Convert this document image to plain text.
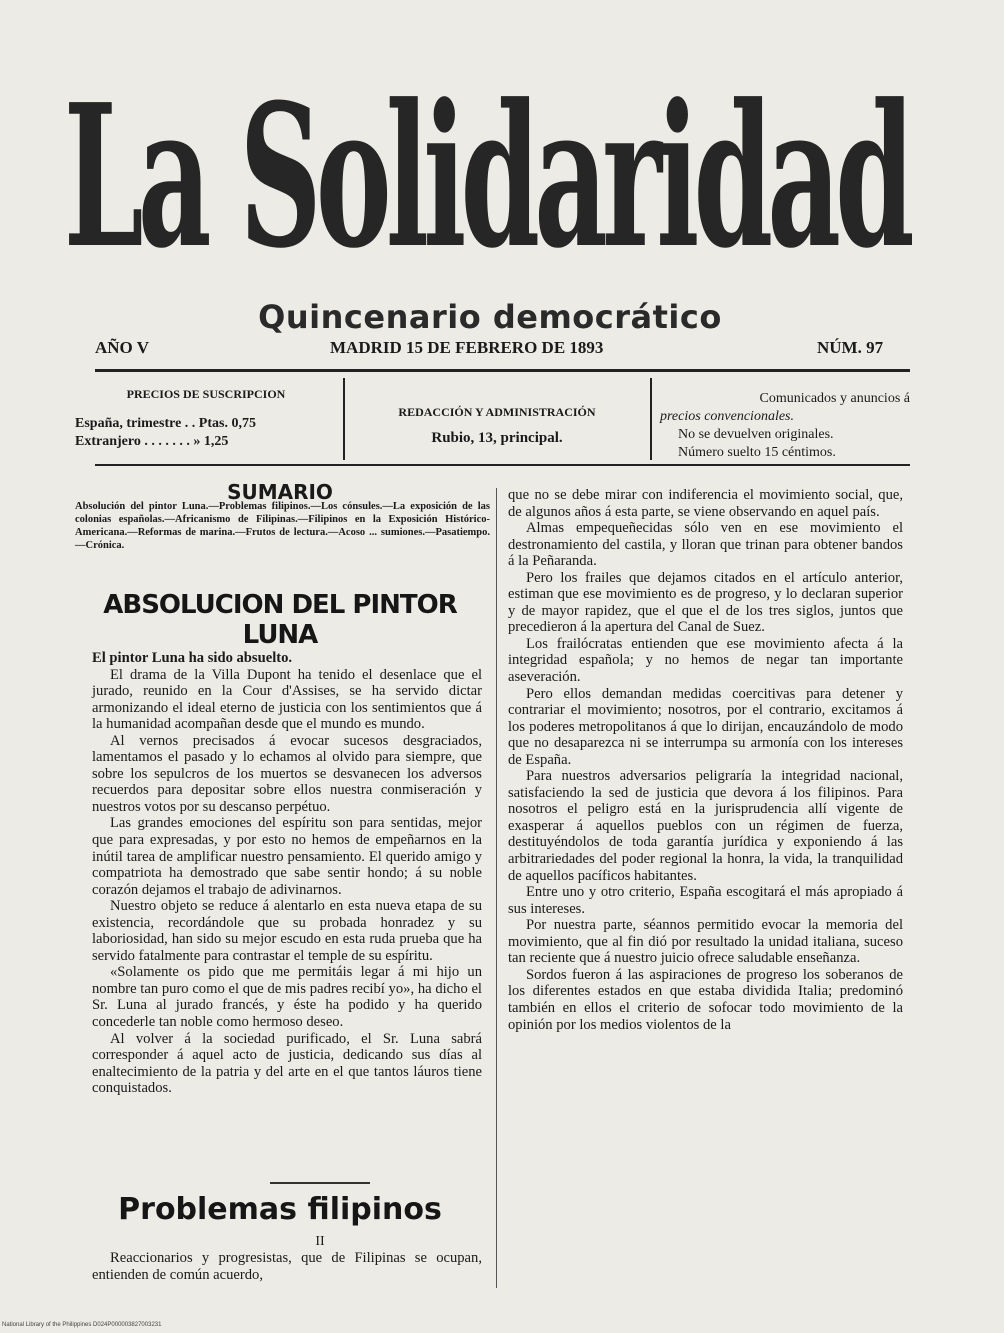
La Solidaridad
Quincenario democrático
AÑO V	MADRID 15 DE FEBRERO DE 1893	NÚM. 97
PRECIOS DE SUSCRIPCION
España, trimestre . . Ptas. 0,75
Extranjero . . . . . . . » 1,25
REDACCIÓN Y ADMINISTRACIÓN
Rubio, 13, principal.
Comunicados y anuncios á
precios convencionales.
No se devuelven originales.
Número suelto 15 céntimos.
SUMARIO
Absolución del pintor Luna.—Problemas filipinos.—Los cónsules.—La exposición de las colonias españolas.—Africanismo de Filipinas.—Filipinos en la Exposición Histórico-Americana.—Reformas de marina.—Frutos de lectura.—Acoso ... sumiones.—Pasatiempo.—Crónica.
ABSOLUCION DEL PINTOR LUNA

El pintor Luna ha sido absuelto.

El drama de la Villa Dupont ha tenido el desenlace que el jurado, reunido en la Cour d'Assises, se ha servido dictar armonizando el ideal eterno de justicia con los sentimientos que á la humanidad acompañan desde que el mundo es mundo.

Al vernos precisados á evocar sucesos desgraciados, lamentamos el pasado y lo echamos al olvido para siempre, que sobre los sepulcros de los muertos se desvanecen los adversos recuerdos para depositar sobre ellos nuestra conmiseración y nuestros votos por su descanso perpétuo.

Las grandes emociones del espíritu son para sentidas, mejor que para expresadas, y por esto no hemos de empeñarnos en la inútil tarea de amplificar nuestro pensamiento. El querido amigo y compatriota ha demostrado que sabe sentir hondo; á su noble corazón dejamos el trabajo de adivinarnos.

Nuestro objeto se reduce á alentarlo en esta nueva etapa de su existencia, recordándole que su probada honradez y su laboriosidad, han sido su mejor escudo en esta ruda prueba que ha servido fatalmente para contrastar el temple de su espíritu.

«Solamente os pido que me permitáis legar á mi hijo un nombre tan puro como el que de mis padres recibí yo», ha dicho el Sr. Luna al jurado francés, y éste ha podido y ha querido concederle tan noble como hermoso deseo.

Al volver á la sociedad purificado, el Sr. Luna sabrá corresponder á aquel acto de justicia, dedicando sus días al enaltecimiento de la patria y del arte en el que tantos láuros tiene conquistados.

Problemas filipinos
II

Reaccionarios y progresistas, que de Filipinas se ocupan, entienden de común acuerdo,

que no se debe mirar con indiferencia el movimiento social, que, de algunos años á esta parte, se viene observando en aquel país.

Almas empequeñecidas sólo ven en ese movimiento el destronamiento del castila, y lloran que trinan para obtener bandos á la Peñaranda.

Pero los frailes que dejamos citados en el artículo anterior, estiman que ese movimiento es de progreso, y lo declaran superior y de mayor rapidez, que el que el de los tres siglos, juntos que precedieron á la apertura del Canal de Suez.

Los frailócratas entienden que ese movimiento afecta á la integridad española; y no hemos de negar tan importante aseveración.

Pero ellos demandan medidas coercitivas para detener y contrariar el movimiento; nosotros, por el contrario, excitamos á los poderes metropolitanos á que lo dirijan, encauzándolo de modo que no desaparezca ni se interrumpa su armonía con los intereses de España.

Para nuestros adversarios peligraría la integridad nacional, satisfaciendo la sed de justicia que devora á los filipinos. Para nosotros el peligro está en la jurisprudencia allí vigente de exasperar á aquellos pueblos con un régimen de fuerza, destituyéndolos de toda garantía jurídica y exponiendo á las arbitrariedades del poder regional la honra, la vida, la tranquilidad de aquellos pacíficos habitantes.

Entre uno y otro criterio, España escogitará el más apropiado á sus intereses.

Por nuestra parte, séannos permitido evocar la memoria del movimiento, que al fin dió por resultado la unidad italiana, suceso tan reciente que á nuestro juicio ofrece saludable enseñanza.

Sordos fueron á las aspiraciones de progreso los soberanos de los diferentes estados en que estaba dividida Italia; predominó también en ellos el criterio de sofocar todo movimiento de la opinión por los medios violentos de la

National Library of the Philippines D024P000003827003231
